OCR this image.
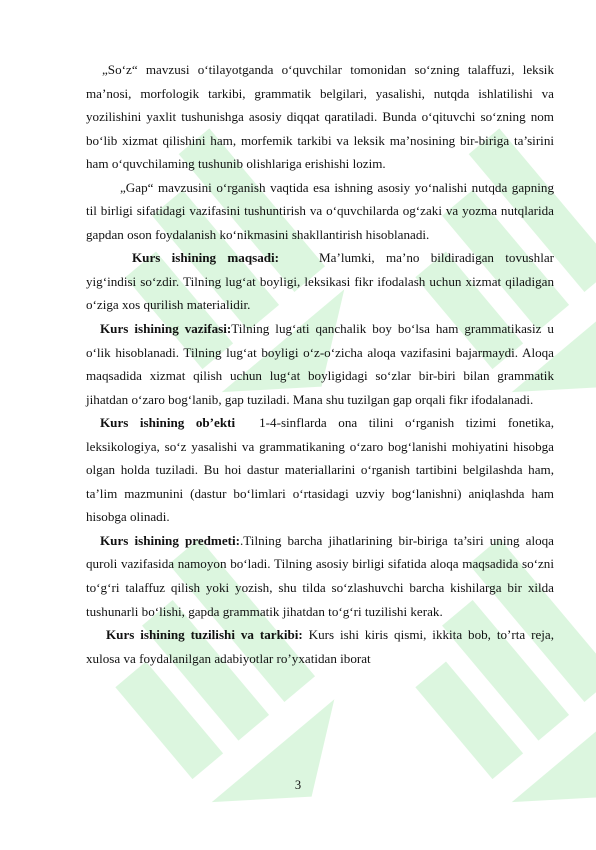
„So‘z“ mavzusi o‘tilayotganda o‘quvchilar tomonidan so‘zning talaffuzi, leksik ma’nosi, morfologik tarkibi, grammatik belgilari, yasalishi, nutqda ishlatilishi va yozilishini yaxlit tushunishga asosiy diqqat qaratiladi. Bunda o‘qituvchi so‘zning nom bo‘lib xizmat qilishini ham, morfemik tarkibi va leksik ma’nosining bir-biriga ta’sirini ham o‘quvchilaming tushunib olishlariga erishishi lozim.

„Gap“ mavzusini o‘rganish vaqtida esa ishning asosiy yo‘nalishi nutqda gapning til birligi sifatidagi vazifasini tushuntirish va o‘quvchilarda og‘zaki va yozma nutqlarida gapdan oson foydalanish ko‘nikmasini shakllantirish hisoblanadi.

Kurs ishining maqsadi:	Ma’lumki, ma’no bildiradigan tovushlar yig‘indisi so‘zdir. Tilning lug‘at boyligi, leksikasi fikr ifodalash uchun xizmat qiladigan o‘ziga xos qurilish materialidir.

Kurs ishining vazifasi:Tilning lug‘ati qanchalik boy bo‘lsa ham grammatikasiz u o‘lik hisoblanadi. Tilning lug‘at boyligi o‘z-o‘zicha aloqa vazifasini bajarmaydi. Aloqa maqsadida xizmat qilish uchun lug‘at boyligidagi so‘zlar bir-biri bilan grammatik jihatdan o‘zaro bog‘lanib, gap tuziladi. Mana shu tuzilgan gap orqali fikr ifodalanadi.

Kurs ishining ob’ekti 1-4-sinflarda ona tilini o‘rganish tizimi fonetika, leksikologiya, so‘z yasalishi va grammatikaning o‘zaro bog‘lanishi mohiyatini hisobga olgan holda tuziladi. Bu hoi dastur materiallarini o‘rganish tartibini belgilashda ham, ta’lim mazmunini (dastur bo‘limlari o‘rtasidagi uzviy bog‘lanishni) aniqlashda ham hisobga olinadi.

Kurs ishining predmeti:.Tilning barcha jihatlarining bir-biriga ta’siri uning aloqa quroli vazifasida namoyon bo‘ladi. Tilning asosiy birligi sifatida aloqa maqsadida so‘zni to‘g‘ri talaffuz qilish yoki yozish, shu tilda so‘zlashuvchi barcha kishilarga bir xilda tushunarli bo‘lishi, gapda grammatik jihatdan to‘g‘ri tuzilishi kerak.

Kurs ishining tuzilishi va tarkibi: Kurs ishi kiris qismi, ikkita bob, to’rta reja, xulosa va foydalanilgan adabiyotlar ro’yxatidan iborat

3
